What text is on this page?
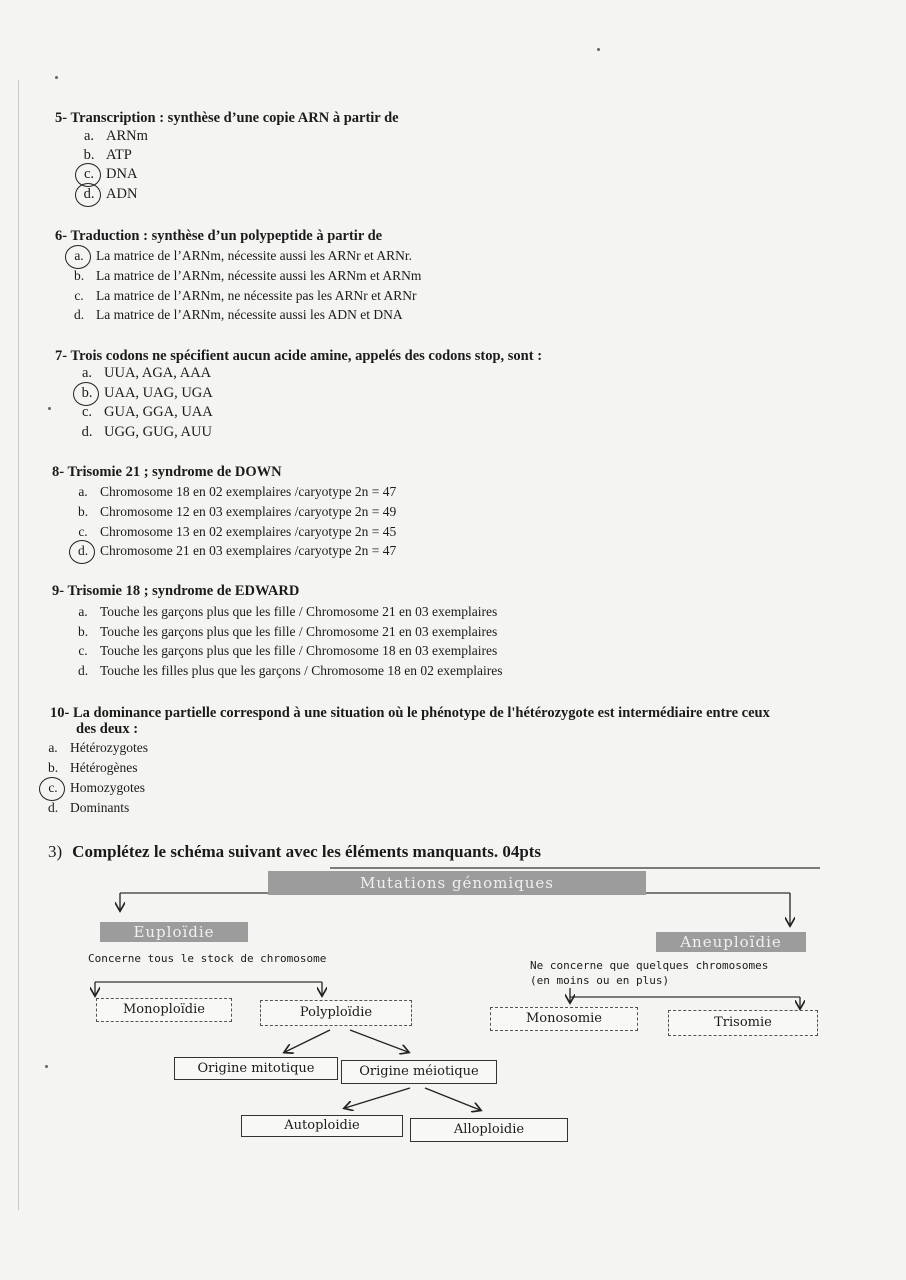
5- Transcription : synthèse d’une copie ARN à partir de
a. ARNm
b. ATP
c. DNA
d. ADN
6- Traduction : synthèse d’un polypeptide à partir de
a. La matrice de l’ARNm, nécessite aussi les ARNr et ARNr.
b. La matrice de l’ARNm, nécessite aussi les ARNm et ARNm
c. La matrice de l’ARNm, ne nécessite pas les ARNr et ARNr
d. La matrice de l’ARNm, nécessite aussi les ADN et DNA
7- Trois codons ne spécifient aucun acide amine, appelés des codons stop, sont :
a. UUA, AGA, AAA
b. UAA, UAG, UGA
c. GUA, GGA, UAA
d. UGG, GUG, AUU
8- Trisomie 21 ; syndrome de DOWN
a. Chromosome 18 en 02 exemplaires /caryotype 2n = 47
b. Chromosome 12 en 03 exemplaires /caryotype 2n = 49
c. Chromosome 13 en 02 exemplaires /caryotype 2n = 45
d. Chromosome 21 en 03 exemplaires /caryotype 2n = 47
9- Trisomie 18 ; syndrome de EDWARD
a. Touche les garçons plus que les fille / Chromosome 21 en 03 exemplaires
b. Touche les garçons plus que les fille / Chromosome 21 en 03 exemplaires
c. Touche les garçons plus que les fille / Chromosome 18 en 03 exemplaires
d. Touche les filles plus que les garçons / Chromosome 18 en 02 exemplaires
10- La dominance partielle correspond à une situation où le phénotype de l'hétérozygote est intermédiaire entre ceux
des deux :
a. Hétérozygotes
b. Hétérogènes
c. Homozygotes
d. Dominants
3) Complétez le schéma suivant avec les éléments manquants. 04pts
Mutations génomiques
Euploïdie
Concerne tous le stock de chromosome
Aneuploïdie
Ne concerne que quelques chromosomes
(en moins ou en plus)
Monoploïdie	Polyploïdie	Monosomie	Trisomie
Origine mitotique	Origine méiotique
Autoploidie	Alloploidie
